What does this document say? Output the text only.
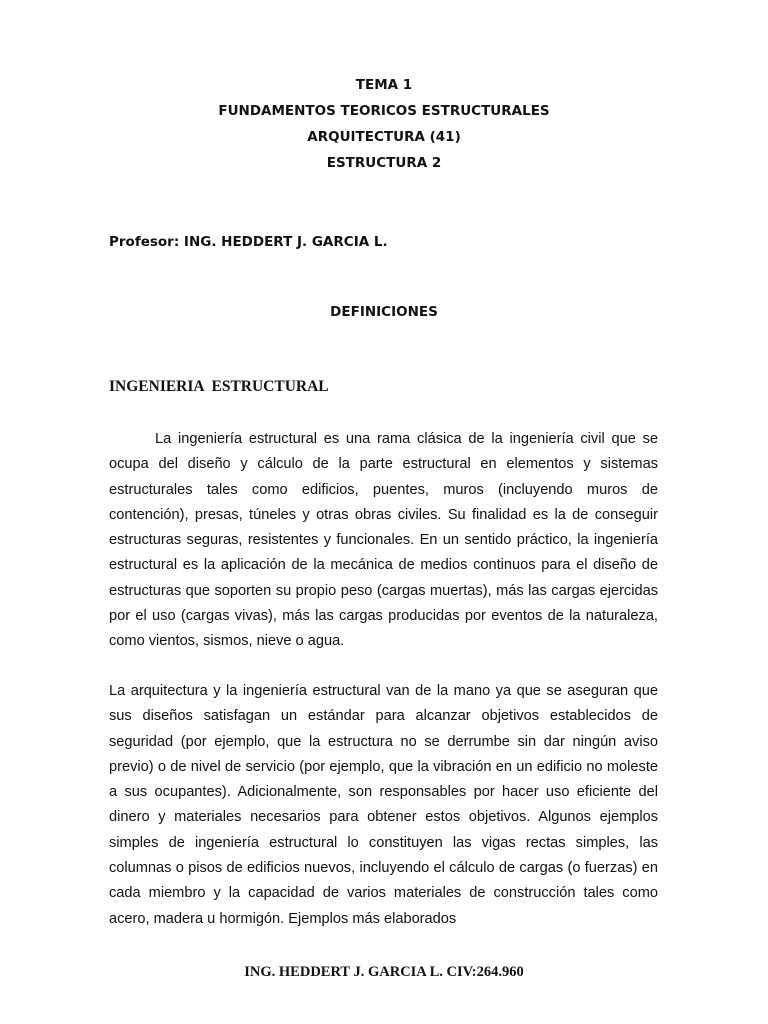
TEMA 1
FUNDAMENTOS TEORICOS ESTRUCTURALES
ARQUITECTURA (41)
ESTRUCTURA 2
Profesor: ING. HEDDERT J. GARCIA L.
DEFINICIONES
INGENIERIA  ESTRUCTURAL

La ingeniería estructural es una rama clásica de la ingeniería civil que se ocupa del diseño y cálculo de la parte estructural en elementos y sistemas estructurales tales como edificios, puentes, muros (incluyendo muros de contención), presas, túneles y otras obras civiles. Su finalidad es la de conseguir estructuras seguras, resistentes y funcionales. En un sentido práctico, la ingeniería estructural es la aplicación de la mecánica de medios continuos para el diseño de estructuras que soporten su propio peso (cargas muertas), más las cargas ejercidas por el uso (cargas vivas), más las cargas producidas por eventos de la naturaleza, como vientos, sismos, nieve o agua.

La arquitectura y la ingeniería estructural van de la mano ya que se aseguran que sus diseños satisfagan un estándar para alcanzar objetivos establecidos de seguridad (por ejemplo, que la estructura no se derrumbe sin dar ningún aviso previo) o de nivel de servicio (por ejemplo, que la vibración en un edificio no moleste a sus ocupantes). Adicionalmente, son responsables por hacer uso eficiente del dinero y materiales necesarios para obtener estos objetivos. Algunos ejemplos simples de ingeniería estructural lo constituyen las vigas rectas simples, las columnas o pisos de edificios nuevos, incluyendo el cálculo de cargas (o fuerzas) en cada miembro y la capacidad de varios materiales de construcción tales como acero, madera u hormigón. Ejemplos más elaborados

ING. HEDDERT J. GARCIA L. CIV:264.960
